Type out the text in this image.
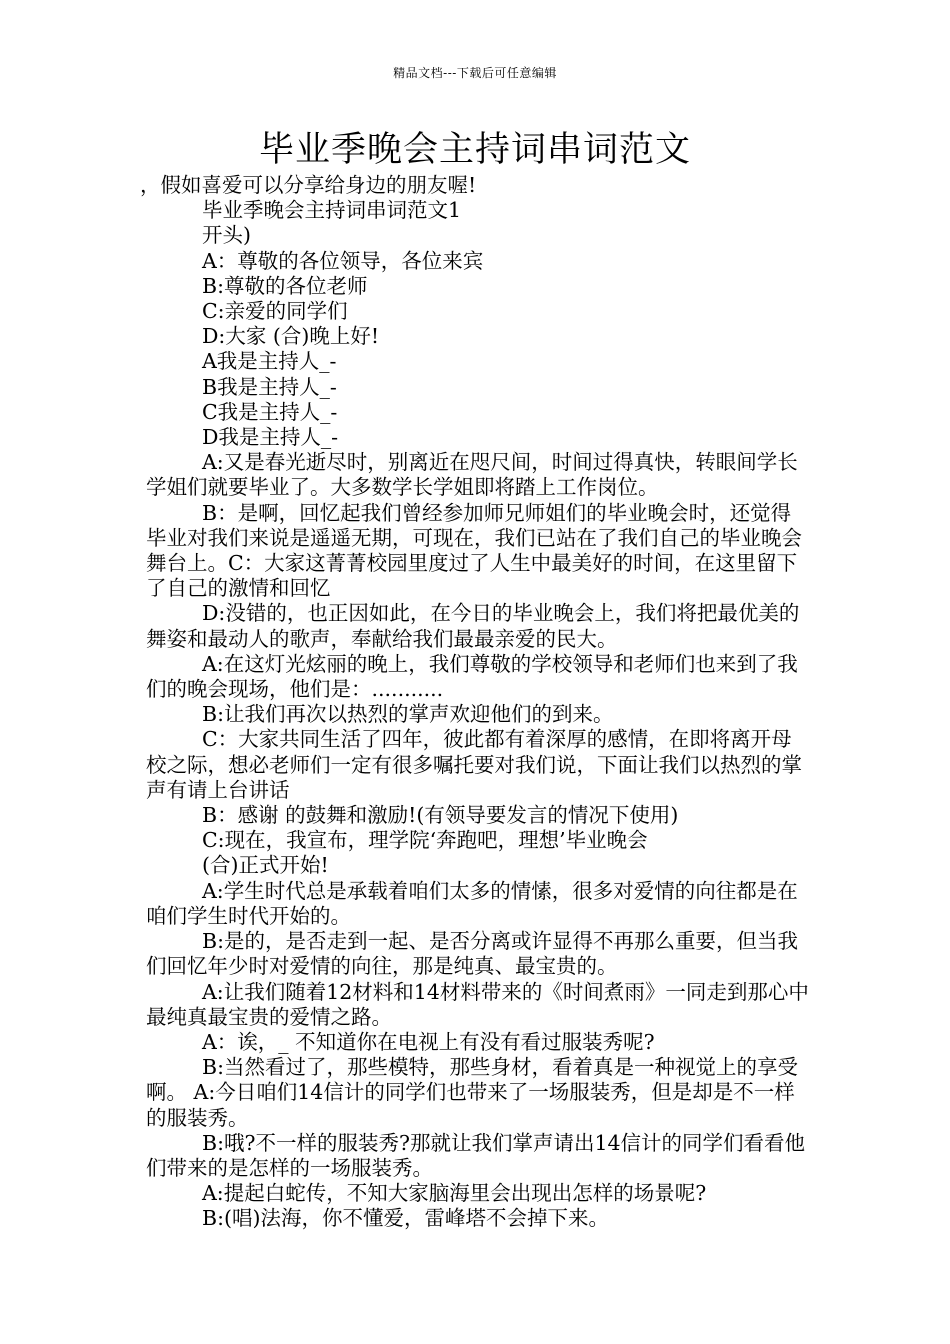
精品文档---下载后可任意编辑
毕业季晚会主持词串词范文

，假如喜爱可以分享给身边的朋友喔!

毕业季晚会主持词串词范文1

开头)

A：尊敬的各位领导，各位来宾

B:尊敬的各位老师

C:亲爱的同学们

D:大家 (合)晚上好!

A我是主持人_-

B我是主持人_-

C我是主持人_-

D我是主持人_-

A:又是春光逝尽时，别离近在咫尺间，时间过得真快，转眼间学长学姐们就要毕业了。大多数学长学姐即将踏上工作岗位。

B：是啊，回忆起我们曾经参加师兄师姐们的毕业晚会时，还觉得毕业对我们来说是遥遥无期，可现在，我们已站在了我们自己的毕业晚会舞台上。C：大家这菁菁校园里度过了人生中最美好的时间，在这里留下了自己的激情和回忆

D:没错的，也正因如此，在今日的毕业晚会上，我们将把最优美的舞姿和最动人的歌声，奉献给我们最最亲爱的民大。

A:在这灯光炫丽的晚上，我们尊敬的学校领导和老师们也来到了我们的晚会现场，他们是：...........

B:让我们再次以热烈的掌声欢迎他们的到来。

C：大家共同生活了四年，彼此都有着深厚的感情，在即将离开母校之际，想必老师们一定有很多嘱托要对我们说，下面让我们以热烈的掌声有请上台讲话

B：感谢 的鼓舞和激励!(有领导要发言的情况下使用)

C:现在，我宣布，理学院‘奔跑吧，理想’毕业晚会

(合)正式开始!

A:学生时代总是承载着咱们太多的情愫，很多对爱情的向往都是在咱们学生时代开始的。

B:是的，是否走到一起、是否分离或许显得不再那么重要，但当我们回忆年少时对爱情的向往，那是纯真、最宝贵的。

A:让我们随着12材料和14材料带来的《时间煮雨》一同走到那心中最纯真最宝贵的爱情之路。

A：诶，_ 不知道你在电视上有没有看过服装秀呢?

B:当然看过了，那些模特，那些身材，看着真是一种视觉上的享受啊。 A:今日咱们14信计的同学们也带来了一场服装秀，但是却是不一样的服装秀。

B:哦?不一样的服装秀?那就让我们掌声请出14信计的同学们看看他们带来的是怎样的一场服装秀。

A:提起白蛇传，不知大家脑海里会出现出怎样的场景呢?

B:(唱)法海，你不懂爱，雷峰塔不会掉下来。
